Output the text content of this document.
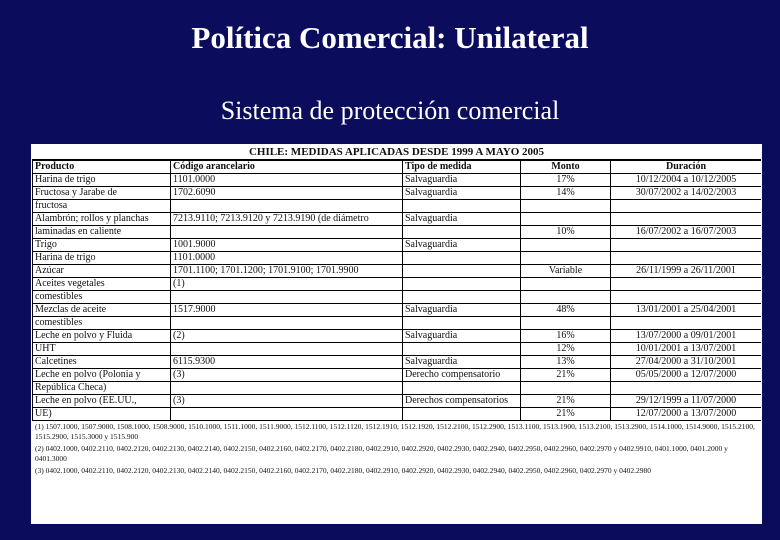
Política Comercial: Unilateral
Sistema de protección comercial
CHILE: MEDIDAS APLICADAS DESDE 1999 A MAYO 2005
Producto	Código arancelario	Tipo de medida	Monto	Duración
Harina de trigo	1101.0000	Salvaguardia	17%	10/12/2004 a 10/12/2005
Fructosa y Jarabe de	1702.6090	Salvaguardia	14%	30/07/2002 a 14/02/2003
fructosa				
Alambrón; rollos y planchas	7213.9110; 7213.9120 y 7213.9190 (de diámetro	Salvaguardia		
laminadas en caliente			10%	16/07/2002 a 16/07/2003
Trigo	1001.9000	Salvaguardia		
Harina de trigo	1101.0000			
Azúcar	1701.1100; 1701.1200; 1701.9100; 1701.9900		Variable	26/11/1999 a 26/11/2001
Aceites vegetales	(1)			
comestibles				
Mezclas de aceite	1517.9000	Salvaguardia	48%	13/01/2001 a 25/04/2001
comestibles				
Leche en polvo y Fluida	(2)	Salvaguardia	16%	13/07/2000 a 09/01/2001
UHT			12%	10/01/2001 a 13/07/2001
Calcetines	6115.9300	Salvaguardia	13%	27/04/2000 a 31/10/2001
Leche en polvo (Polonia y	(3)	Derecho compensatorio	21%	05/05/2000 a 12/07/2000
República Checa)				
Leche en polvo (EE.UU.,	(3)	Derechos compensatorios	21%	29/12/1999 a 11/07/2000
UE)			21%	12/07/2000 a 13/07/2000

(1) 1507.1000, 1507.9000, 1508.1000, 1508.9000, 1510.1000, 1511.1000, 1511.9000, 1512.1100, 1512.1120, 1512.1910, 1512.1920, 1512.2100, 1512.2900, 1513.1100, 1513.1900, 1513.2100, 1513.2900, 1514.1000, 1514.9000, 1515.2100, 1515.2900, 1515.3000 y 1515.900

(2) 0402.1000, 0402.2110, 0402.2120, 0402.2130, 0402.2140, 0402.2150, 0402.2160, 0402.2170, 0402.2180, 0402.2910, 0402.2920, 0402.2930, 0402.2940, 0402.2950, 0402.2960, 0402.2970 y 0402.9910, 0401.1000, 0401.2000 y 0401.3000

(3) 0402.1000, 0402.2110, 0402.2120, 0402.2130, 0402.2140, 0402.2150, 0402.2160, 0402.2170, 0402.2180, 0402.2910, 0402.2920, 0402.2930, 0402.2940, 0402.2950, 0402.2960, 0402.2970 y 0402.2980
